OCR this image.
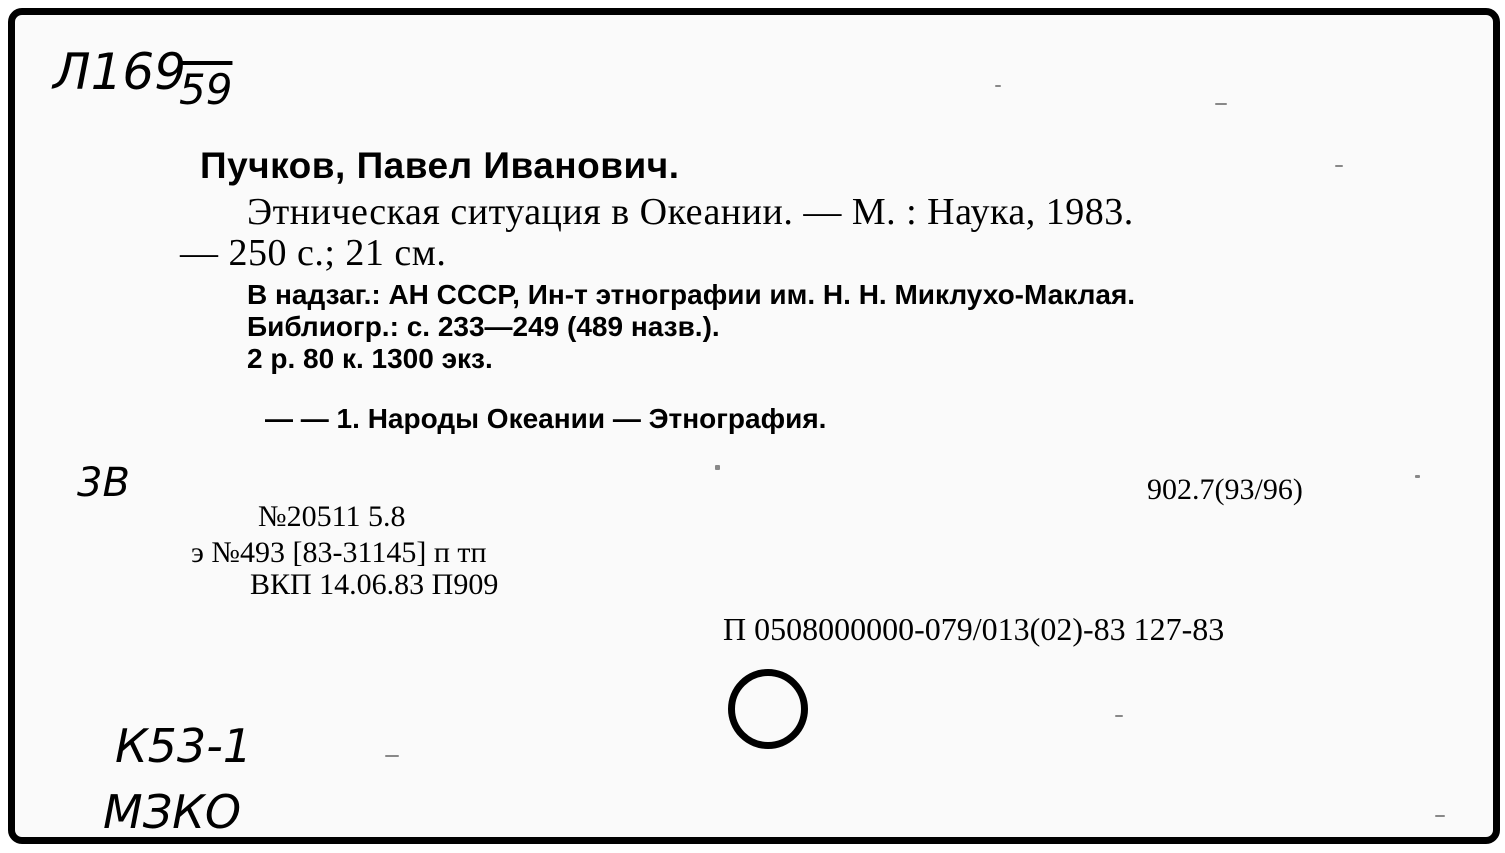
Л169
59

Пучков, Павел Иванович.

Этническая ситуация в Океании. — М. : Наука, 1983.

— 250 с.; 21 см.

В надзаг.: АН СССР, Ин-т этнографии им. Н. Н. Миклухо-Маклая.

Библиогр.: с. 233—249 (489 назв.).

2 р. 80 к. 1300 экз.

— — 1. Народы Океании — Этнография.

3В	902.7(93/96)

№20511 5.8

э №493 [83-31145] п тп

ВКП 14.06.83 П909

П 0508000000-079/013(02)-83 127-83

К53-1
МЗКО
